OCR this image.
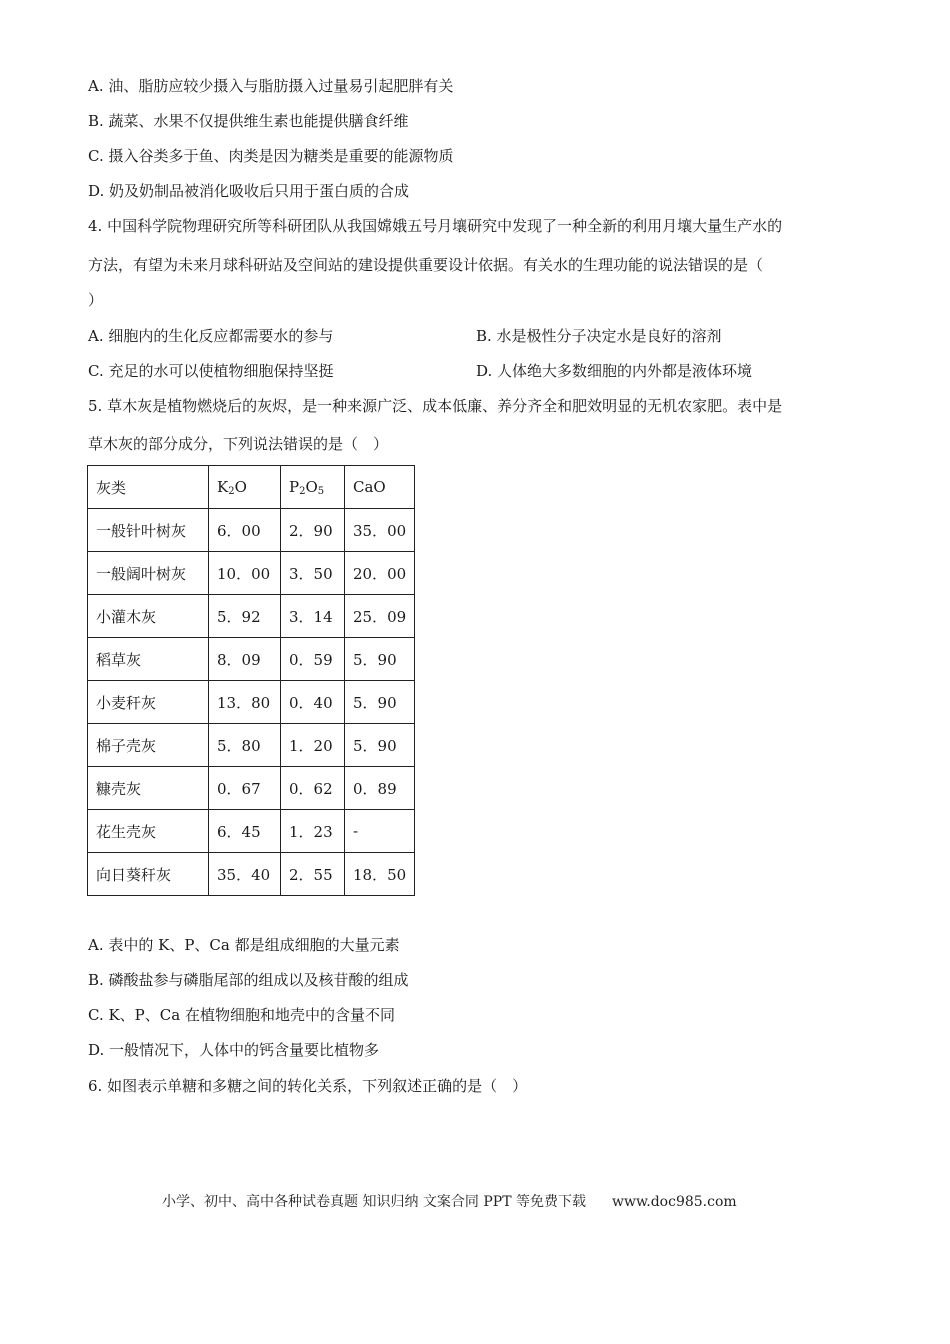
A. 油、脂肪应较少摄入与脂肪摄入过量易引起肥胖有关
B. 蔬菜、水果不仅提供维生素也能提供膳食纤维
C. 摄入谷类多于鱼、肉类是因为糖类是重要的能源物质
D. 奶及奶制品被消化吸收后只用于蛋白质的合成
4. 中国科学院物理研究所等科研团队从我国嫦娥五号月壤研究中发现了一种全新的利用月壤大量生产水的
方法，有望为未来月球科研站及空间站的建设提供重要设计依据。有关水的生理功能的说法错误的是（
）
A. 细胞内的生化反应都需要水的参与	B. 水是极性分子决定水是良好的溶剂
C. 充足的水可以使植物细胞保持坚挺	D. 人体绝大多数细胞的内外都是液体环境
5. 草木灰是植物燃烧后的灰烬，是一种来源广泛、成本低廉、养分齐全和肥效明显的无机农家肥。表中是
草木灰的部分成分，下列说法错误的是（　）
灰类	$K_2O$	$P_2O_5$	CaO
一般针叶树灰	6．00	2．90	35．00
一般阔叶树灰	10．00	3．50	20．00
小灌木灰	5．92	3．14	25．09
稻草灰	8．09	0．59	5．90
小麦秆灰	13．80	0．40	5．90
棉子壳灰	5．80	1．20	5．90
糠壳灰	0．67	0．62	0．89
花生壳灰	6．45	1．23	-
向日葵秆灰	35．40	2．55	18．50
A. 表中的 K、P、Ca 都是组成细胞的大量元素
B. 磷酸盐参与磷脂尾部的组成以及核苷酸的组成
C. K、P、Ca 在植物细胞和地壳中的含量不同
D. 一般情况下，人体中的钙含量要比植物多
6. 如图表示单糖和多糖之间的转化关系，下列叙述正确的是（　）
小学、初中、高中各种试卷真题 知识归纳 文案合同 PPT 等免费下载 www.doc985.com
